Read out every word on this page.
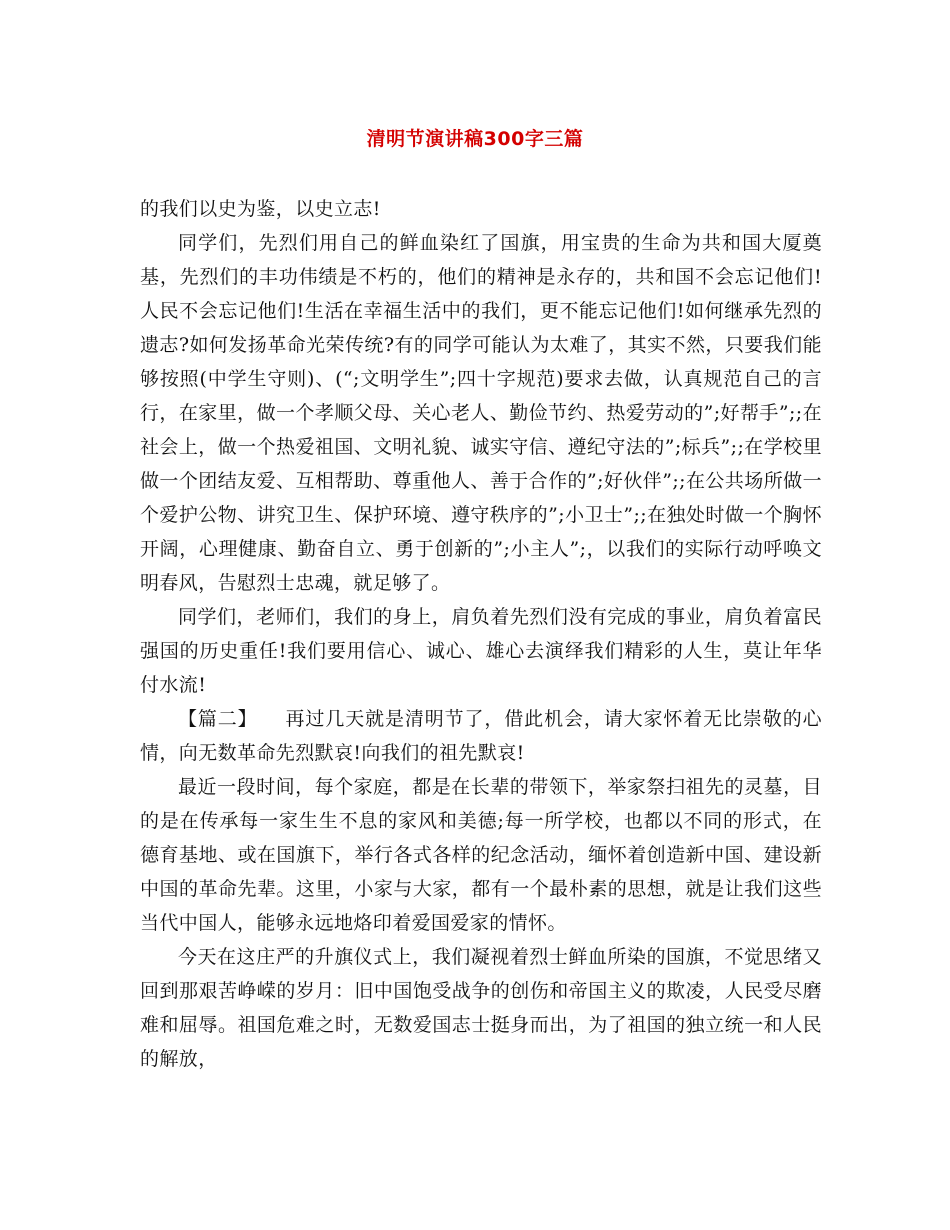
清明节演讲稿300字三篇

的我们以史为鉴，以史立志!

同学们，先烈们用自己的鲜血染红了国旗，用宝贵的生命为共和国大厦奠基，先烈们的丰功伟绩是不朽的，他们的精神是永存的，共和国不会忘记他们!人民不会忘记他们!生活在幸福生活中的我们，更不能忘记他们!如何继承先烈的遗志?如何发扬革命光荣传统?有的同学可能认为太难了，其实不然，只要我们能够按照(中学生守则)、(“;文明学生”;四十字规范)要求去做，认真规范自己的言行，在家里，做一个孝顺父母、关心老人、勤俭节约、热爱劳动的”;好帮手”;;在社会上，做一个热爱祖国、文明礼貌、诚实守信、遵纪守法的”;标兵”;;在学校里做一个团结友爱、互相帮助、尊重他人、善于合作的”;好伙伴”;;在公共场所做一个爱护公物、讲究卫生、保护环境、遵守秩序的”;小卫士”;;在独处时做一个胸怀开阔，心理健康、勤奋自立、勇于创新的”;小主人”;，以我们的实际行动呼唤文明春风，告慰烈士忠魂，就足够了。

同学们，老师们，我们的身上，肩负着先烈们没有完成的事业，肩负着富民强国的历史重任!我们要用信心、诚心、雄心去演绎我们精彩的人生，莫让年华付水流!

【篇二】 再过几天就是清明节了，借此机会，请大家怀着无比崇敬的心情，向无数革命先烈默哀!向我们的祖先默哀!

最近一段时间，每个家庭，都是在长辈的带领下，举家祭扫祖先的灵墓，目的是在传承每一家生生不息的家风和美德;每一所学校，也都以不同的形式，在德育基地、或在国旗下，举行各式各样的纪念活动，缅怀着创造新中国、建设新中国的革命先辈。这里，小家与大家，都有一个最朴素的思想，就是让我们这些当代中国人，能够永远地烙印着爱国爱家的情怀。

今天在这庄严的升旗仪式上，我们凝视着烈士鲜血所染的国旗，不觉思绪又回到那艰苦峥嵘的岁月：旧中国饱受战争的创伤和帝国主义的欺凌，人民受尽磨难和屈辱。祖国危难之时，无数爱国志士挺身而出，为了祖国的独立统一和人民的解放，
